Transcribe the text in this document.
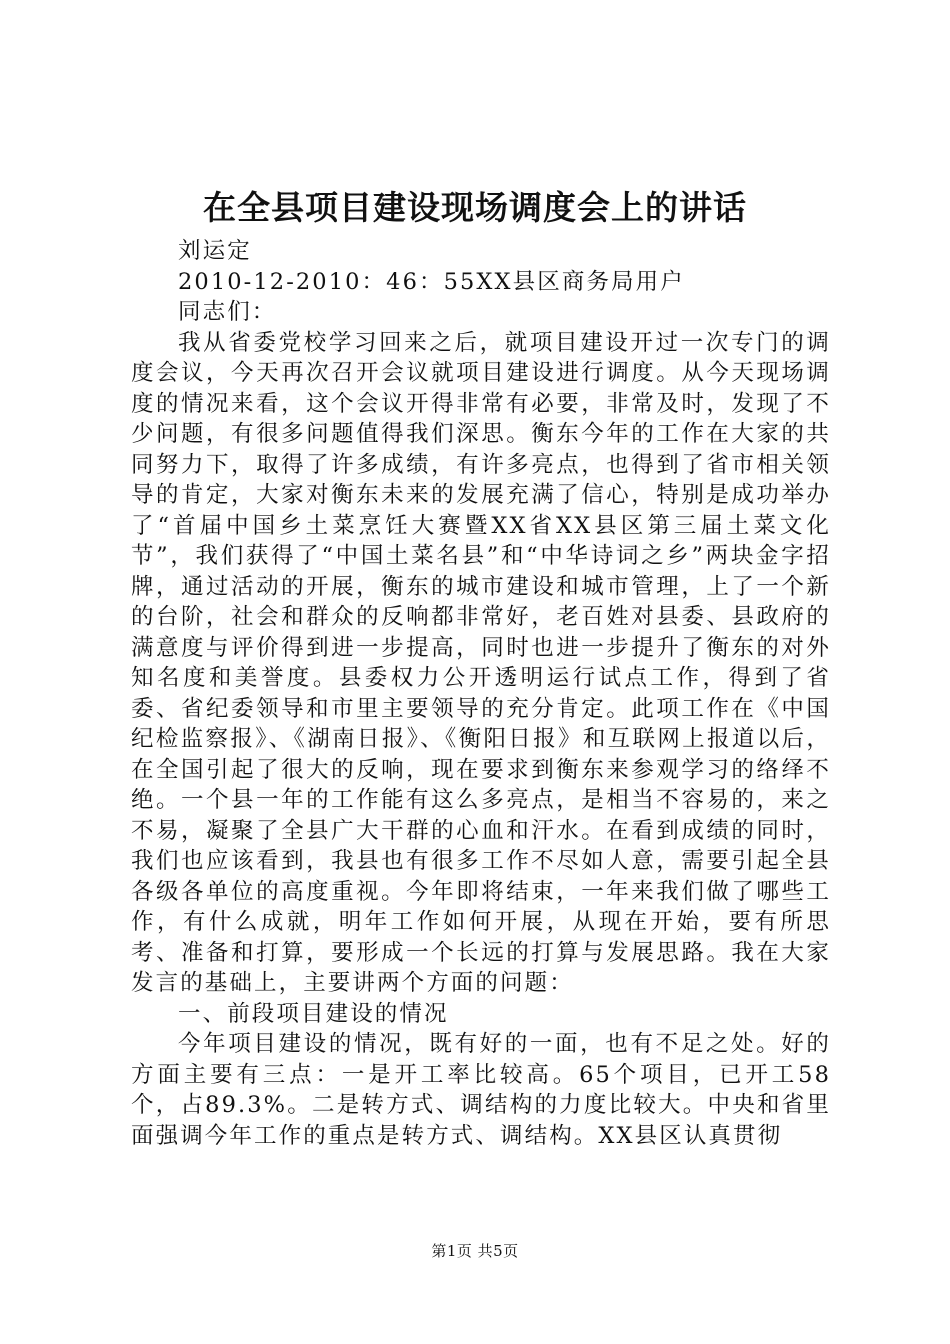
在全县项目建设现场调度会上的讲话

刘运定

2010-12-2010：46：55XX县区商务局用户

同志们：

我从省委党校学习回来之后，就项目建设开过一次专门的调度会议，今天再次召开会议就项目建设进行调度。从今天现场调度的情况来看，这个会议开得非常有必要，非常及时，发现了不少问题，有很多问题值得我们深思。衡东今年的工作在大家的共同努力下，取得了许多成绩，有许多亮点，也得到了省市相关领导的肯定，大家对衡东未来的发展充满了信心，特别是成功举办了“首届中国乡土菜烹饪大赛暨XX省XX县区第三届土菜文化节”，我们获得了“中国土菜名县”和“中华诗词之乡”两块金字招牌，通过活动的开展，衡东的城市建设和城市管理，上了一个新的台阶，社会和群众的反响都非常好，老百姓对县委、县政府的满意度与评价得到进一步提高，同时也进一步提升了衡东的对外知名度和美誉度。县委权力公开透明运行试点工作，得到了省委、省纪委领导和市里主要领导的充分肯定。此项工作在《中国纪检监察报》、《湖南日报》、《衡阳日报》和互联网上报道以后，在全国引起了很大的反响，现在要求到衡东来参观学习的络绎不绝。一个县一年的工作能有这么多亮点，是相当不容易的，来之不易，凝聚了全县广大干群的心血和汗水。在看到成绩的同时，我们也应该看到，我县也有很多工作不尽如人意，需要引起全县各级各单位的高度重视。今年即将结束，一年来我们做了哪些工作，有什么成就，明年工作如何开展，从现在开始，要有所思考、准备和打算，要形成一个长远的打算与发展思路。我在大家发言的基础上，主要讲两个方面的问题：

一、前段项目建设的情况

今年项目建设的情况，既有好的一面，也有不足之处。好的方面主要有三点：一是开工率比较高。65个项目，已开工58个，占89.3%。二是转方式、调结构的力度比较大。中央和省里面强调今年工作的重点是转方式、调结构。XX县区认真贯彻

第1页 共5页
